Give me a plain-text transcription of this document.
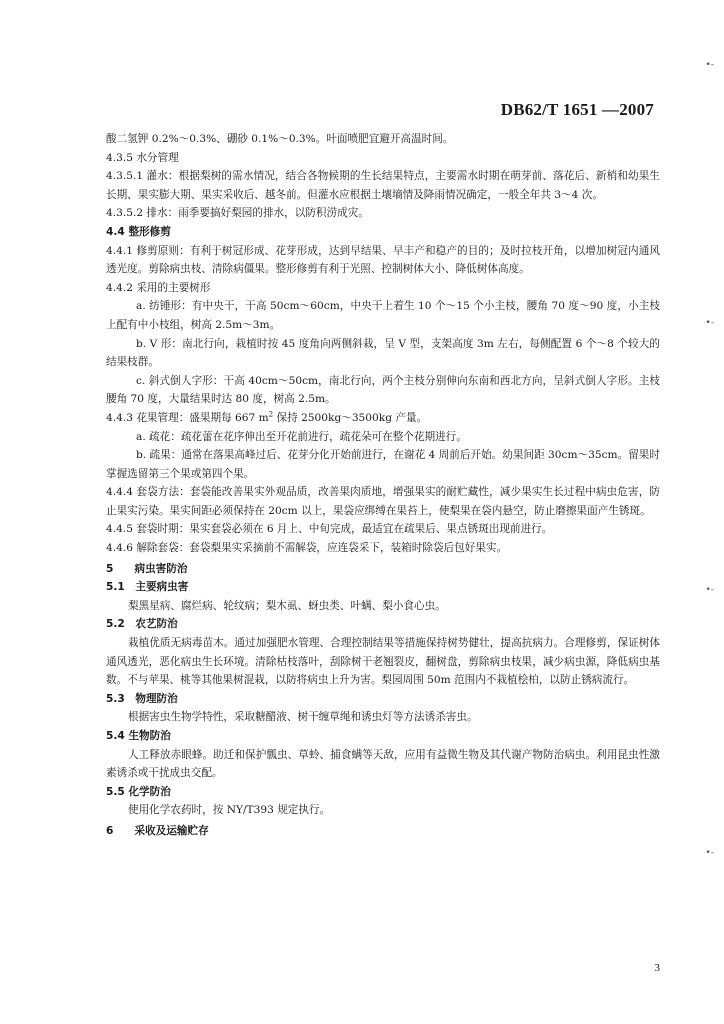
DB62/T 1651 —2007
•-
•-
•-
•-

酸二氢钾 0.2%～0.3%、硼砂 0.1%～0.3%。叶面喷肥宜避开高温时间。

4.3.5 水分管理

4.3.5.1 灌水：根据梨树的需水情况，结合各物候期的生长结果特点，主要需水时期在萌芽前、落花后、新梢和幼果生长期、果实膨大期、果实采收后、越冬前。但灌水应根据土壤墒情及降雨情况确定，一般全年共 3～4 次。

4.3.5.2 排水：雨季要搞好梨园的排水，以防积涝成灾。

4.4 整形修剪

4.4.1 修剪原则：有利于树冠形成、花芽形成，达到早结果、早丰产和稳产的目的；及时拉枝开角，以增加树冠内通风透光度。剪除病虫枝、清除病僵果。整形修剪有利于光照、控制树体大小、降低树体高度。

4.4.2 采用的主要树形

a. 纺锤形：有中央干，干高 50cm～60cm，中央干上着生 10 个～15 个小主枝，腰角 70 度～90 度，小主枝上配有中小枝组，树高 2.5m～3m。

b. V 形：南北行向，栽植时按 45 度角向两侧斜栽，呈 V 型，支架高度 3m 左右，每侧配置 6 个～8 个较大的结果枝群。

c. 斜式倒人字形：干高 40cm～50cm，南北行向，两个主枝分别伸向东南和西北方向，呈斜式倒人字形。主枝腰角 70 度，大量结果时达 80 度，树高 2.5m。

4.4.3 花果管理：盛果期每 667 $m^2$ 保持 2500kg～3500kg 产量。

a. 疏花：疏花蕾在花序伸出至开花前进行，疏花朵可在整个花期进行。

b. 疏果：通常在落果高峰过后、花芽分化开始前进行，在谢花 4 周前后开始。幼果间距 30cm～35cm。留果时掌握选留第三个果或第四个果。

4.4.4 套袋方法：套袋能改善果实外观品质，改善果肉质地，增强果实的耐贮藏性，减少果实生长过程中病虫危害，防止果实污染。果实间距必须保持在 20cm 以上，果袋应绑缚在果苔上，使梨果在袋内悬空，防止磨擦果面产生锈斑。

4.4.5 套袋时期：果实套袋必须在 6 月上、中旬完成，最适宜在疏果后、果点锈斑出现前进行。

4.4.6 解除套袋：套袋梨果实采摘前不需解袋，应连袋采下，装箱时除袋后包好果实。

5　　病虫害防治

5.1　主要病虫害

梨黑星病、腐烂病、轮纹病；梨木虱、蚜虫类、叶螨、梨小食心虫。

5.2　农艺防治

栽植优质无病毒苗木。通过加强肥水管理、合理控制结果等措施保持树势健壮，提高抗病力。合理修剪，保证树体通风透光，恶化病虫生长环境。清除枯枝落叶，刮除树干老翘裂皮，翻树盘，剪除病虫枝果，减少病虫源，降低病虫基数。不与苹果、桃等其他果树混栽，以防将病虫上升为害。梨园周围 50m 范围内不栽植桧柏，以防止锈病流行。

5.3　物理防治

根据害虫生物学特性，采取糖醋液、树干缠草绳和诱虫灯等方法诱杀害虫。

5.4 生物防治

人工释放赤眼蜂。助迁和保护瓢虫、草蛉、捕食螨等天敌，应用有益微生物及其代谢产物防治病虫。利用昆虫性激素诱杀或干扰成虫交配。

5.5 化学防治

使用化学农药时，按 NY/T393 规定执行。

6　　采收及运输贮存

3
